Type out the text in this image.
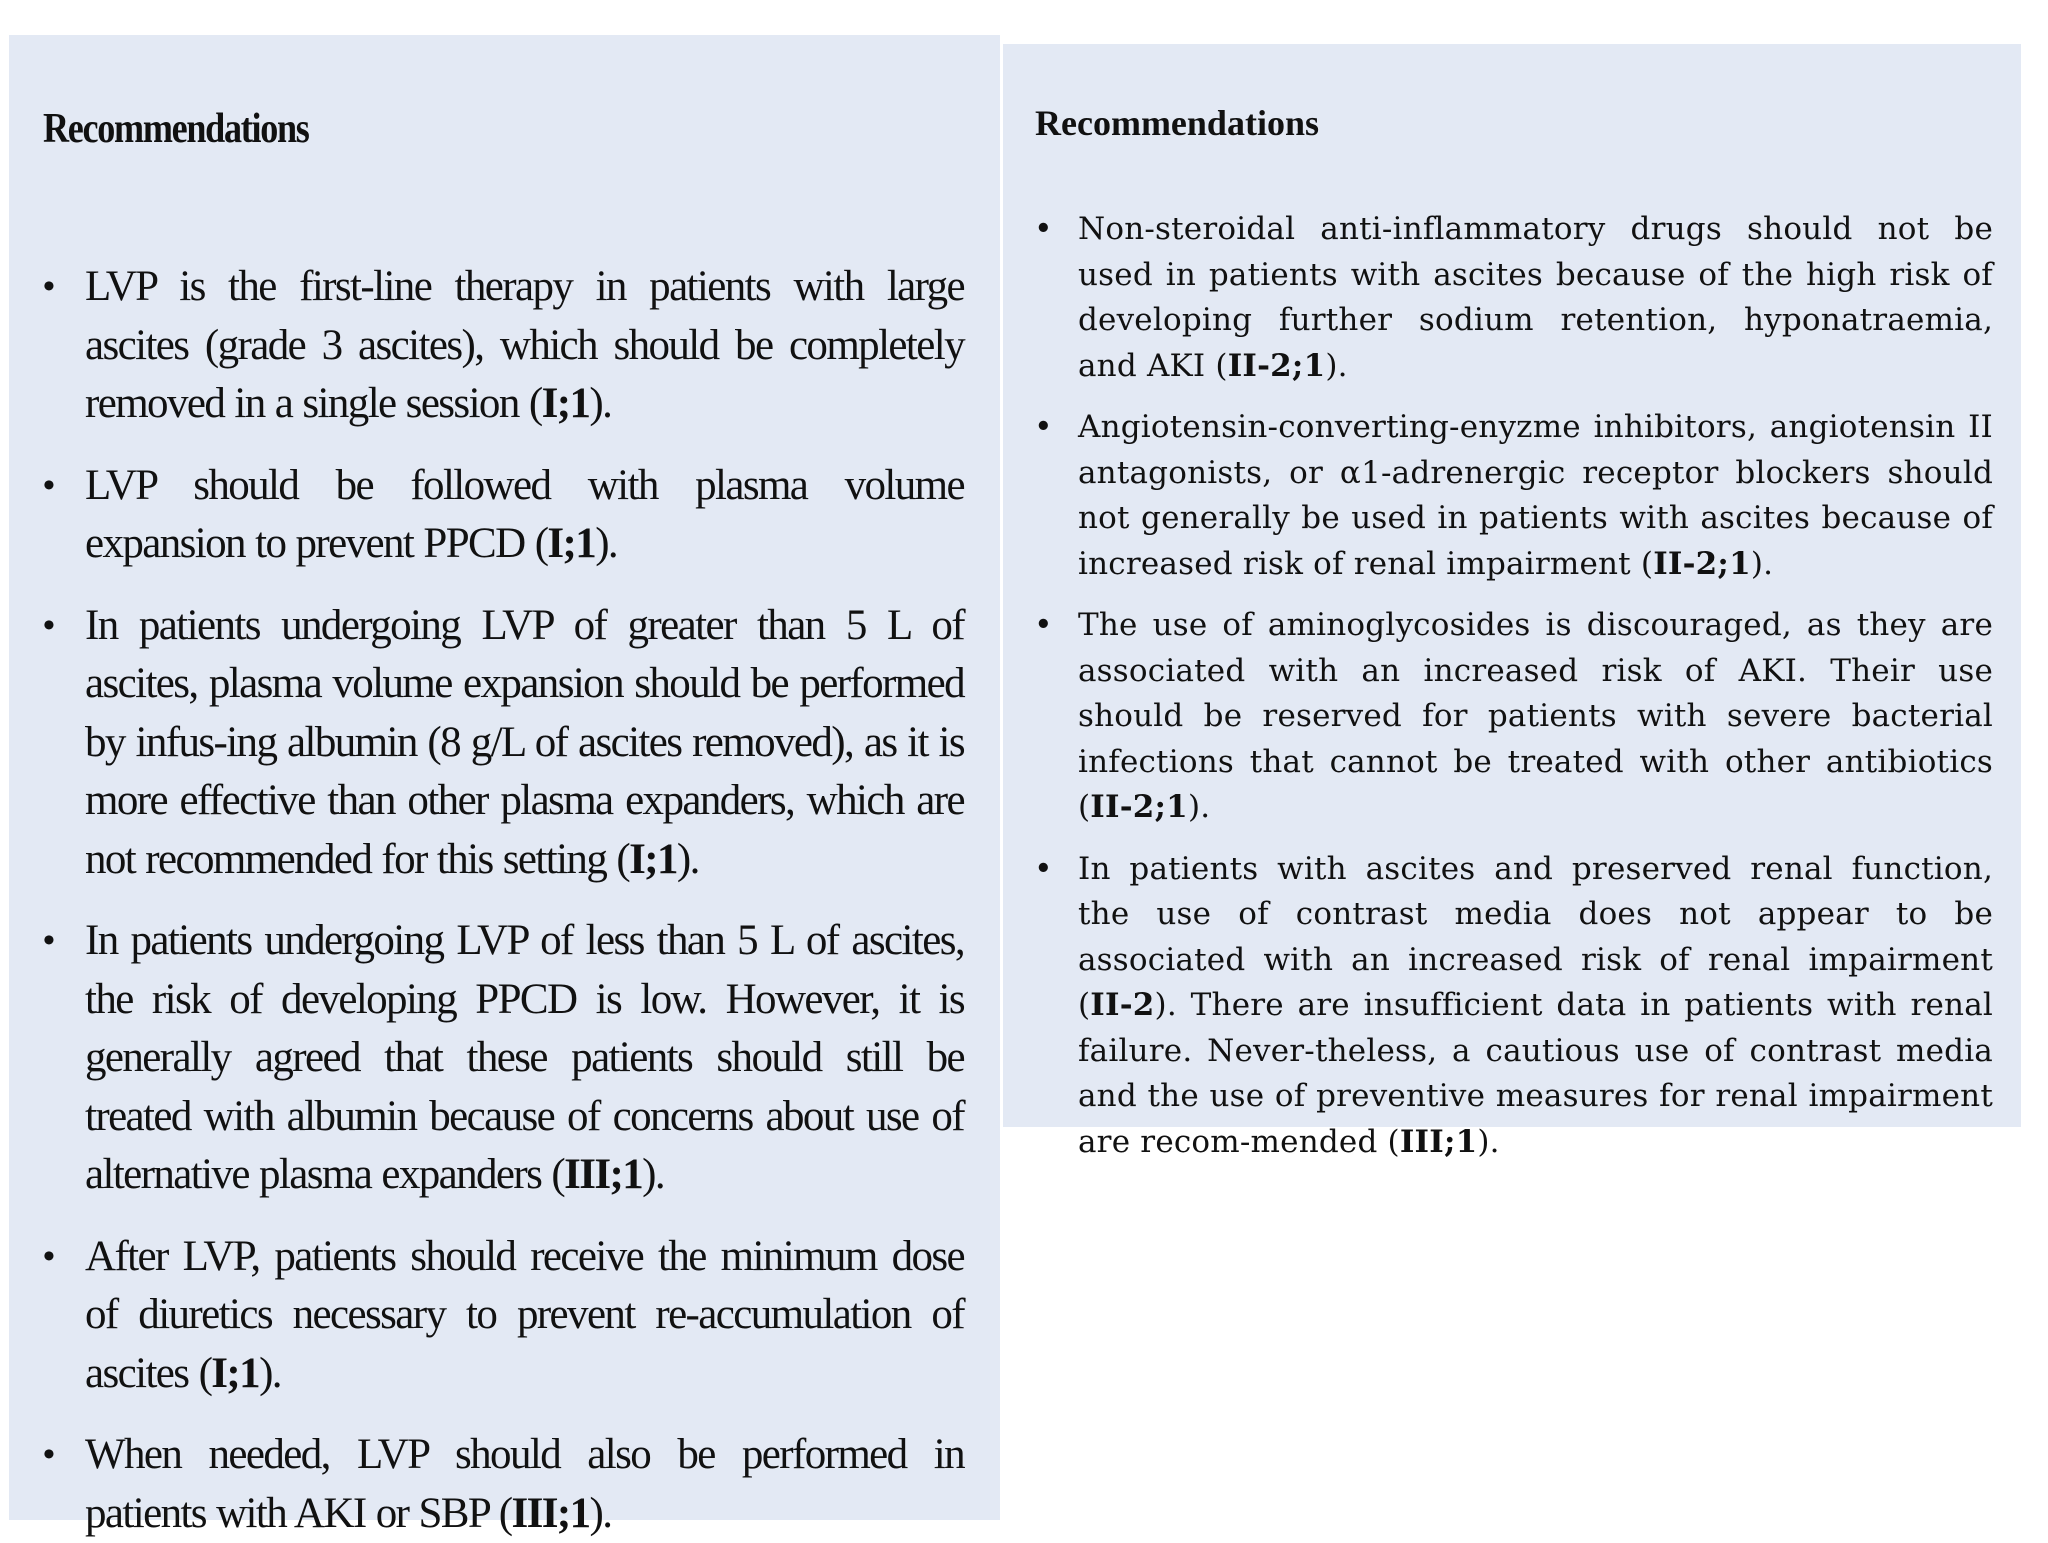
Recommendations
• LVP is the first-line therapy in patients with large ascites (grade 3 ascites), which should be completely removed in a single session (I;1).
• LVP should be followed with plasma volume expansion to prevent PPCD (I;1).
• In patients undergoing LVP of greater than 5 L of ascites, plasma volume expansion should be performed by infus-ing albumin (8 g/L of ascites removed), as it is more effective than other plasma expanders, which are not recommended for this setting (I;1).
• In patients undergoing LVP of less than 5 L of ascites, the risk of developing PPCD is low. However, it is generally agreed that these patients should still be treated with albumin because of concerns about use of alternative plasma expanders (III;1).
• After LVP, patients should receive the minimum dose of diuretics necessary to prevent re-accumulation of ascites (I;1).
• When needed, LVP should also be performed in patients with AKI or SBP (III;1).
Recommendations
• Non-steroidal anti-inflammatory drugs should not be used in patients with ascites because of the high risk of developing further sodium retention, hyponatraemia, and AKI (II-2;1).
• Angiotensin-converting-enyzme inhibitors, angiotensin II antagonists, or α1-adrenergic receptor blockers should not generally be used in patients with ascites because of increased risk of renal impairment (II-2;1).
• The use of aminoglycosides is discouraged, as they are associated with an increased risk of AKI. Their use should be reserved for patients with severe bacterial infections that cannot be treated with other antibiotics (II-2;1).
• In patients with ascites and preserved renal function, the use of contrast media does not appear to be associated with an increased risk of renal impairment (II-2). There are insufficient data in patients with renal failure. Never-theless, a cautious use of contrast media and the use of preventive measures for renal impairment are recom-mended (III;1).
